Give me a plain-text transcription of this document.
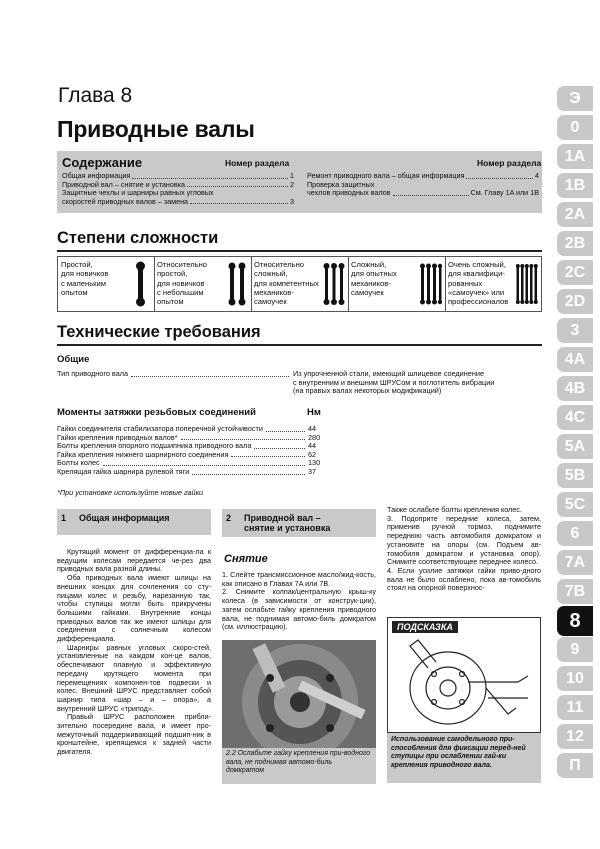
Глава 8
Приводные валы
Содержание	Номер раздела	Номер раздела
Общая информация	1
Приводной вал – снятие и установка	2
Защитные чехлы и шарниры равных угловых
скоростей приводных валов – замена	3
Ремонт приводного вала – общая информация	4
Проверка защитных
чехлов приводных валов	См. Главу 1A или 1B
Степени сложности
Простой,
для новичков
с маленьким
опытом
Относительно
простой,
для новичков
с небольшим
опытом
Относительно
сложный,
для компетентных
механиков-
самоучек
Сложный,
для опытных
механиков-
самоучек
Очень сложный,
для квалифици-
рованных
«самоучек» или
профессионалов
Технические требования
Общие
Тип приводного вала	Из упрочненной стали, имеющий шлицевое соединение
с внутренним и внешним ШРУСом и поглотитель вибрации
(на правых валах некоторых модификаций)
Моменты затяжки резьбовых соединений	Нм
Гайки соединителя стабилизатора поперечной устойчивости	44
Гайки крепления приводных валов*	280
Болты крепления опорного подшипника приводного вала	44
Гайка крепления нижнего шарнирного соединения	62
Болты колес	130
Крепящая гайка шарнира рулевой тяги	37
*При установке используйте новые гайки
1 Общая информация

Крутящий момент от дифференциа-ла к ведущим колесам передается че-рез два приводных вала разной длины.

Оба приводных вала имеют шлицы на внешних концах для сочленения со сту-пицами колес и резьбу, нарезанную так, чтобы ступицы могли быть прикручены большими гайками. Внутренние концы приводных валов так же имеют шлицы для соединения с солнечным колесом дифференциала.

Шарниры равных угловых скоро-стей, установленные на каждом кон-це валов, обеспечивают плавную и эффективную передачу крутящего момента при перемещениях компонен-тов подвески и колес. Внешний ШРУС представляет собой шарнир типа «шар – и – опора», а внутренний ШРУС «трипод».

Правый ШРУС расположен прибли-зительно посередине вала, и имеет про-межуточный поддерживающий подшип-ник в кронштейне, крепящемся к задней части двигателя.

2 Приводной вал –
снятие и установка
Снятие

1. Слейте трансмиссионное масло/жид-кость, как описано в Главах 7A или 7B.

2. Снимите колпак/центральную крыш-ку колеса (в зависимости от конструк-ции), затем ослабьте гайку крепления приводного вала, не поднимая автомо-биль домкратом (см. иллюстрацию).

2.2 Ослабьте гайку крепления при-водного вала, не поднимая автомо-биль домкратом

Также ослабьте болты крепления колес.

3. Подоприте передние колеса, затем, применив ручной тормоз, поднимите переднюю часть автомобиля домкратом и установите на опоры (см. Подъем ав-томобиля домкратом и установка опор). Снимите соответствующее переднее колесо.

4. Если усилие затяжки гайки приво-дного вала не было ослаблено, пока ав-томобиль стоял на опорной поверхнос-

ПОДСКАЗКА
Использование самодельного при-способления для фиксации перед-ней ступицы при ослаблении гай-ки крепления приводного вала.
Э
0
1A
1B
2A
2B
2C
2D
3
4A
4B
4C
5A
5B
5C
6
7A
7B
8
9
10
11
12
П
